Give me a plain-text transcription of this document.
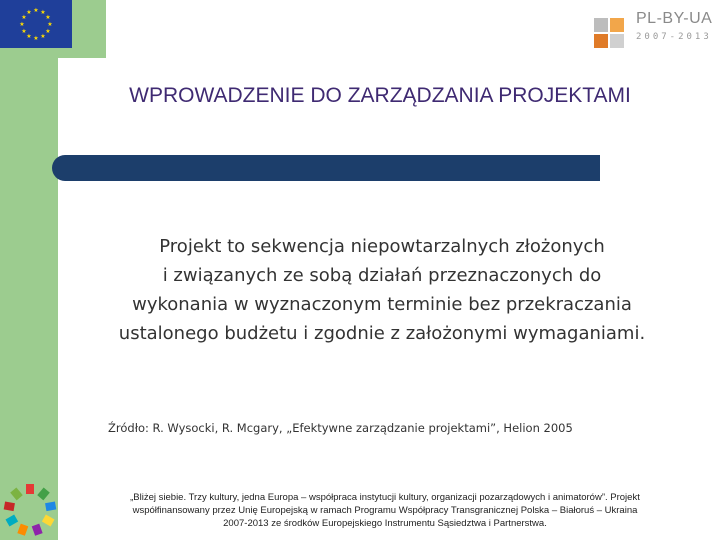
★ ★
★
★
★
★
★
★
★
★
★
★	PL-BY-UA
2007-2013
WPROWADZENIE DO ZARZĄDZANIA PROJEKTAMI
Projekt to sekwencja niepowtarzalnych złożonych
i związanych ze sobą działań przeznaczonych do
wykonania w wyznaczonym terminie bez przekraczania
ustalonego budżetu i zgodnie z założonymi wymaganiami.
Źródło: R. Wysocki, R. Mcgary, „Efektywne zarządzanie projektami”, Helion 2005
„Bliżej siebie. Trzy kultury, jedna Europa – współpraca instytucji kultury, organizacji pozarządowych i animatorów”. Projekt
współfinansowany przez Unię Europejską w ramach Programu Współpracy Transgranicznej Polska – Białoruś – Ukraina
2007-2013 ze środków Europejskiego Instrumentu Sąsiedztwa i Partnerstwa.
